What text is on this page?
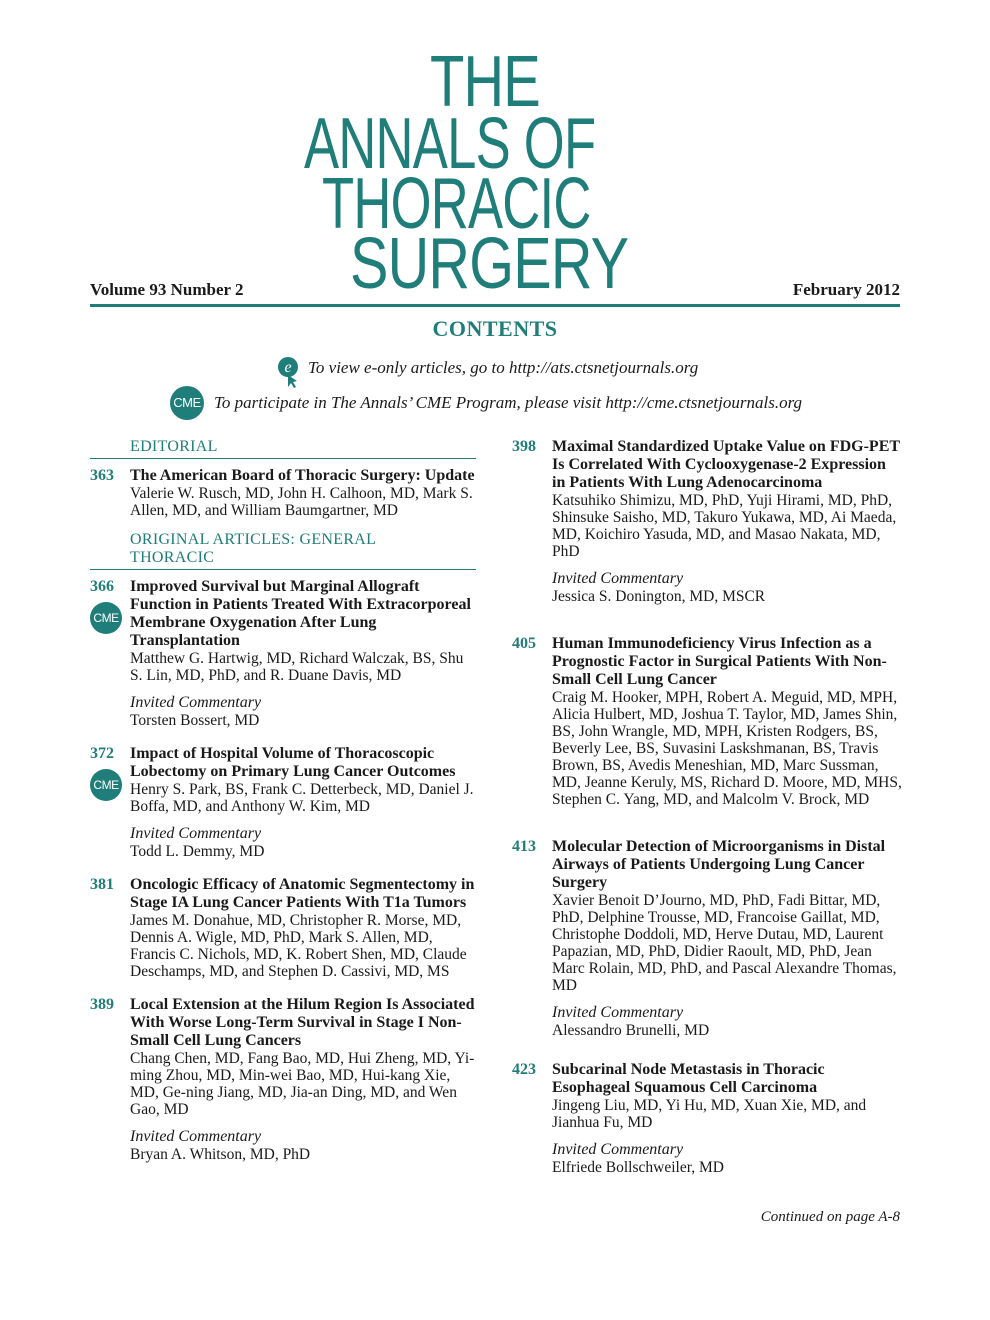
THE
ANNALS OF
THORACIC
SURGERY
Volume 93 Number 2	February 2012
CONTENTS
e To view e-only articles, go to http://ats.ctsnetjournals.org
CME To participate in The Annals’ CME Program, please visit http://cme.ctsnetjournals.org
EDITORIAL
363 The American Board of Thoracic Surgery: Update
Valerie W. Rusch, MD, John H. Calhoon, MD, Mark S. Allen, MD, and William Baumgartner, MD
ORIGINAL ARTICLES: GENERAL THORACIC
366
CME
Improved Survival but Marginal Allograft Function in Patients Treated With Extracorporeal Membrane Oxygenation After Lung Transplantation
Matthew G. Hartwig, MD, Richard Walczak, BS, Shu S. Lin, MD, PhD, and R. Duane Davis, MD
Invited Commentary
Torsten Bossert, MD
372
CME
Impact of Hospital Volume of Thoracoscopic Lobectomy on Primary Lung Cancer Outcomes
Henry S. Park, BS, Frank C. Detterbeck, MD, Daniel J. Boffa, MD, and Anthony W. Kim, MD
Invited Commentary
Todd L. Demmy, MD
381 Oncologic Efficacy of Anatomic Segmentectomy in Stage IA Lung Cancer Patients With T1a Tumors
James M. Donahue, MD, Christopher R. Morse, MD, Dennis A. Wigle, MD, PhD, Mark S. Allen, MD, Francis C. Nichols, MD, K. Robert Shen, MD, Claude Deschamps, MD, and Stephen D. Cassivi, MD, MS
389 Local Extension at the Hilum Region Is Associated With Worse Long-Term Survival in Stage I Non-Small Cell Lung Cancers
Chang Chen, MD, Fang Bao, MD, Hui Zheng, MD, Yi-ming Zhou, MD, Min-wei Bao, MD, Hui-kang Xie, MD, Ge-ning Jiang, MD, Jia-an Ding, MD, and Wen Gao, MD
Invited Commentary
Bryan A. Whitson, MD, PhD
398 Maximal Standardized Uptake Value on FDG-PET Is Correlated With Cyclooxygenase-2 Expression in Patients With Lung Adenocarcinoma
Katsuhiko Shimizu, MD, PhD, Yuji Hirami, MD, PhD, Shinsuke Saisho, MD, Takuro Yukawa, MD, Ai Maeda, MD, Koichiro Yasuda, MD, and Masao Nakata, MD, PhD
Invited Commentary
Jessica S. Donington, MD, MSCR
405 Human Immunodeficiency Virus Infection as a Prognostic Factor in Surgical Patients With Non-Small Cell Lung Cancer
Craig M. Hooker, MPH, Robert A. Meguid, MD, MPH, Alicia Hulbert, MD, Joshua T. Taylor, MD, James Shin, BS, John Wrangle, MD, MPH, Kristen Rodgers, BS, Beverly Lee, BS, Suvasini Laskshmanan, BS, Travis Brown, BS, Avedis Meneshian, MD, Marc Sussman, MD, Jeanne Keruly, MS, Richard D. Moore, MD, MHS, Stephen C. Yang, MD, and Malcolm V. Brock, MD
413 Molecular Detection of Microorganisms in Distal Airways of Patients Undergoing Lung Cancer Surgery
Xavier Benoit D’Journo, MD, PhD, Fadi Bittar, MD, PhD, Delphine Trousse, MD, Francoise Gaillat, MD, Christophe Doddoli, MD, Herve Dutau, MD, Laurent Papazian, MD, PhD, Didier Raoult, MD, PhD, Jean Marc Rolain, MD, PhD, and Pascal Alexandre Thomas, MD
Invited Commentary
Alessandro Brunelli, MD
423 Subcarinal Node Metastasis in Thoracic Esophageal Squamous Cell Carcinoma
Jingeng Liu, MD, Yi Hu, MD, Xuan Xie, MD, and Jianhua Fu, MD
Invited Commentary
Elfriede Bollschweiler, MD
Continued on page A-8
